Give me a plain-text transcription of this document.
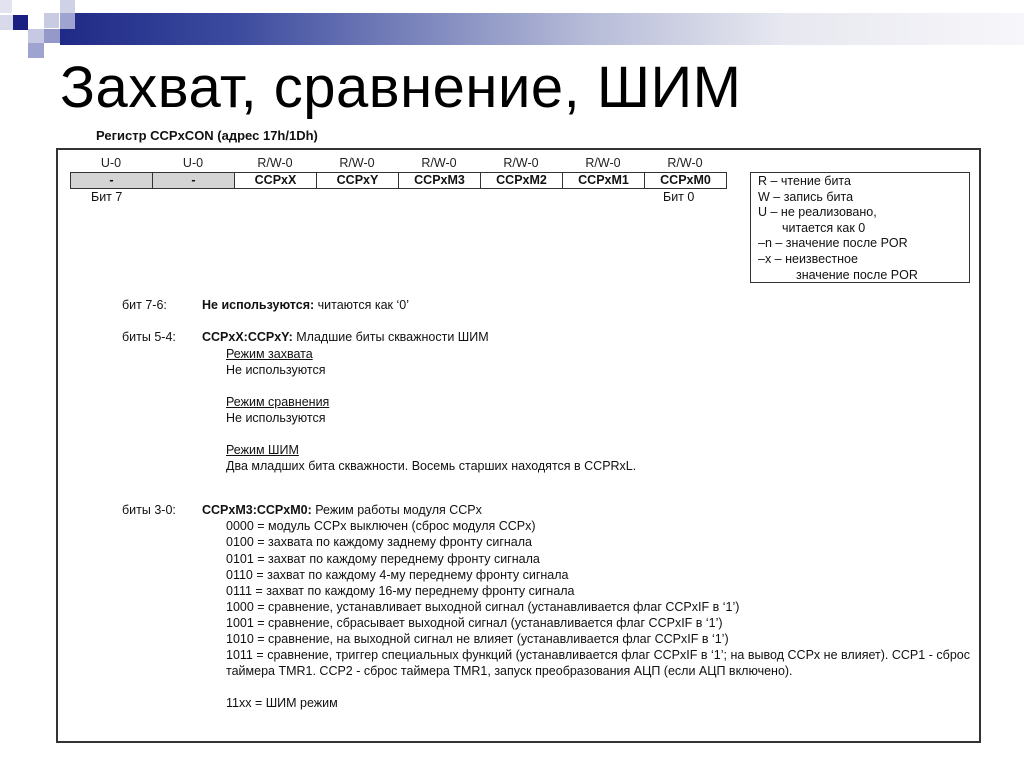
Захват, сравнение, ШИМ
Регистр CCPxCON (адрес 17h/1Dh)
U-0	U-0	R/W-0	R/W-0	R/W-0	R/W-0	R/W-0	R/W-0
-	-	CCPxX	CCPxY	CCPxM3	CCPxM2	CCPxM1	CCPxM0
Бит 7	Бит 0
R – чтение бита
W – запись бита
U – не реализовано,
читается как 0
–n – значение после POR
–x – неизвестное
значение после POR
бит 7-6:	Не используются: читаются как ‘0’
биты 5-4: CCPxX:CCPxY: Младшие биты скважности ШИМ
Режим захвата
Не используются
Режим сравнения
Не используются
Режим ШИМ
Два младших бита скважности. Восемь старших находятся в CCPRxL.
биты 3-0: CCPxM3:CCPxM0: Режим работы модуля CCPx
0000 = модуль CCPx выключен (сброс модуля CCPx)
0100 = захвата по каждому заднему фронту сигнала
0101 = захват по каждому переднему фронту сигнала
0110 = захват по каждому 4-му переднему фронту сигнала
0111 = захват по каждому 16-му переднему фронту сигнала
1000 = сравнение, устанавливает выходной сигнал (устанавливается флаг CCPxIF в ‘1’)
1001 = сравнение, сбрасывает выходной сигнал (устанавливается флаг CCPxIF в ‘1’)
1010 = сравнение, на выходной сигнал не влияет (устанавливается флаг CCPxIF в ‘1’)
1011 = сравнение, триггер специальных функций (устанавливается флаг CCPxIF в ‘1’; на вывод CCPx не влияет). CCP1 - сброс таймера TMR1. CCP2 - сброс таймера TMR1, запуск преобразования АЦП (если АЦП включено).
11xx = ШИМ режим
